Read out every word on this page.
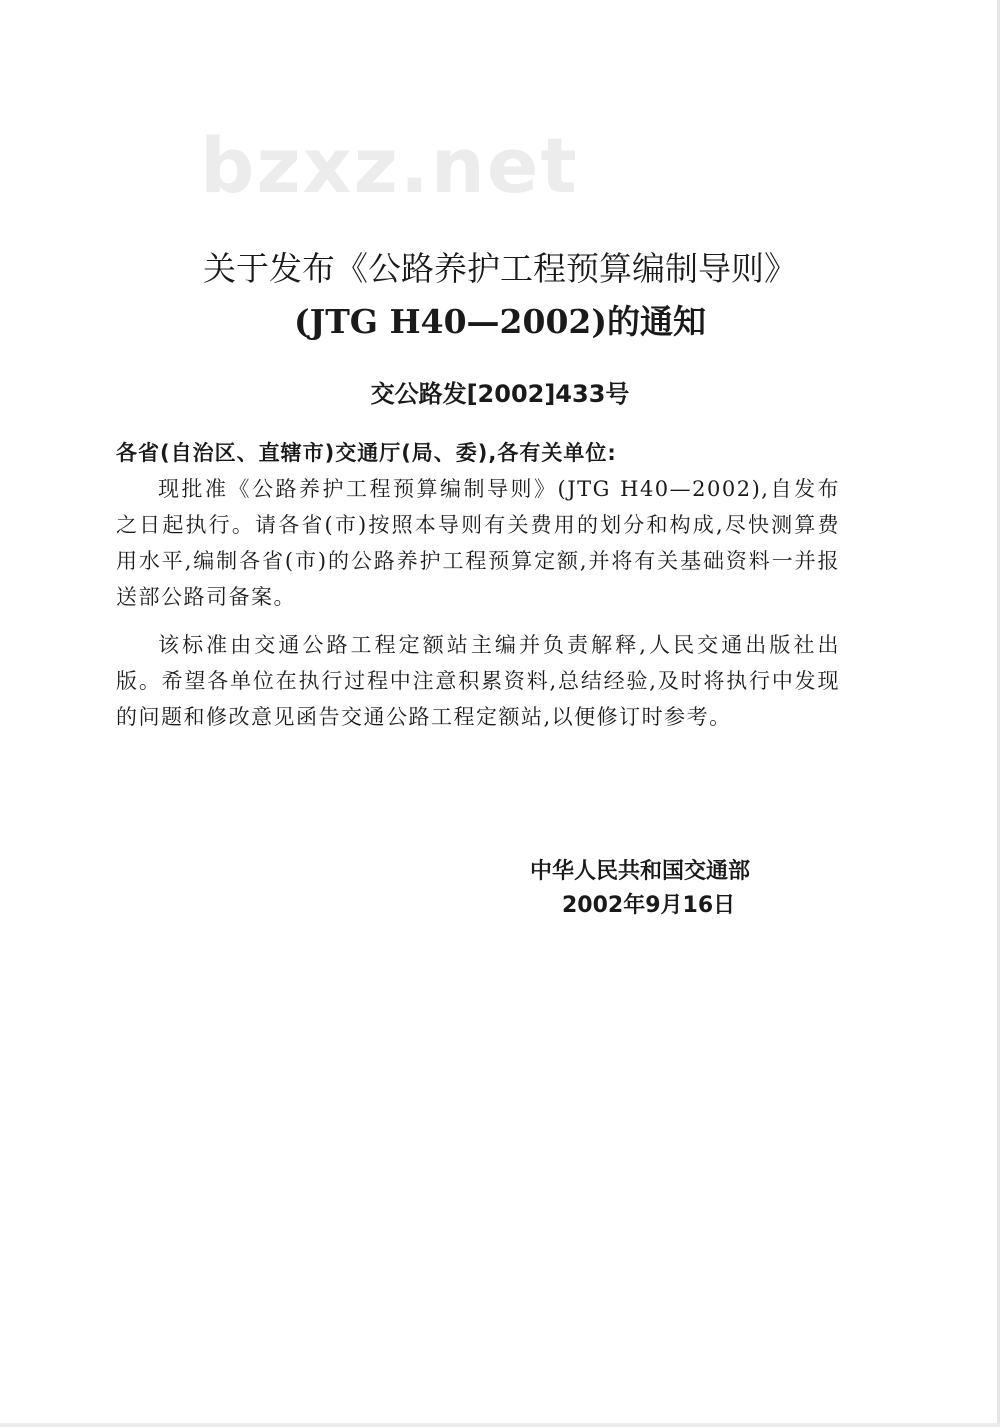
bzxz.net
关于发布《公路养护工程预算编制导则》
(JTG H40—2002)的通知
交公路发[2002]433号
各省(自治区、直辖市)交通厅(局、委),各有关单位:

现批准《公路养护工程预算编制导则》(JTG H40—2002),自发布之日起执行。请各省(市)按照本导则有关费用的划分和构成,尽快测算费用水平,编制各省(市)的公路养护工程预算定额,并将有关基础资料一并报送部公路司备案。

该标准由交通公路工程定额站主编并负责解释,人民交通出版社出版。希望各单位在执行过程中注意积累资料,总结经验,及时将执行中发现的问题和修改意见函告交通公路工程定额站,以便修订时参考。

中华人民共和国交通部
2002年9月16日
